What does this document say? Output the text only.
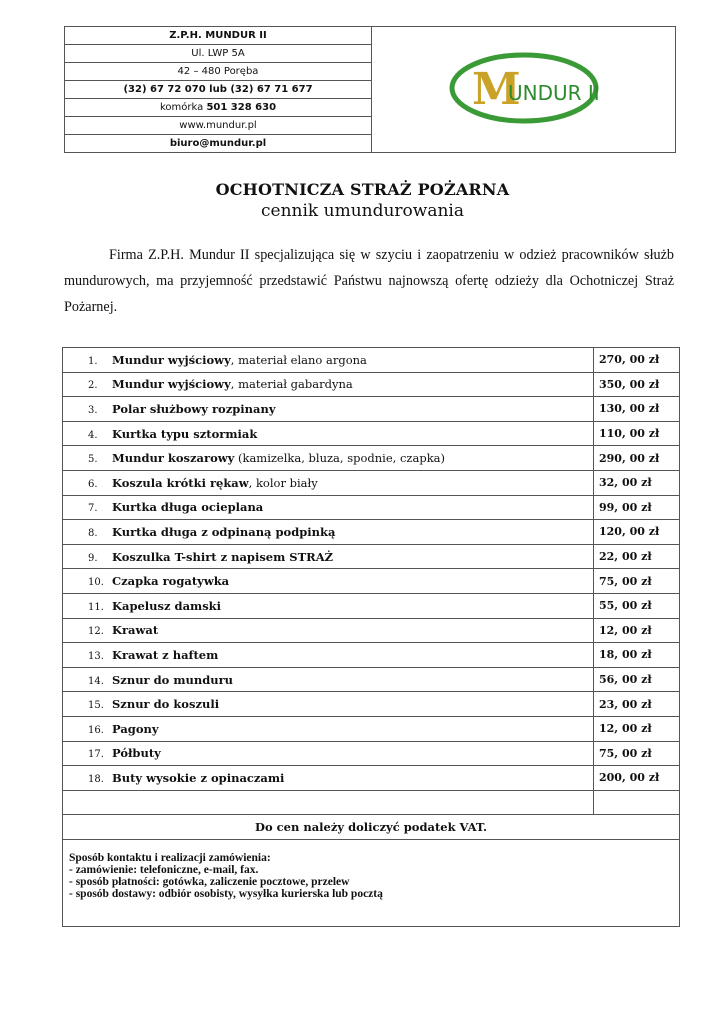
Z.P.H. MUNDUR II	
M
UNDUR II

Ul. LWP 5A
42 – 480 Poręba
(32) 67 72 070 lub (32) 67 71 677
komórka 501 328 630
www.mundur.pl
biuro@mundur.pl
OCHOTNICZA STRAŻ POŻARNA
cennik umundurowania

Firma Z.P.H. Mundur II specjalizująca się w szyciu i zaopatrzeniu w odzież pracowników służb mundurowych, ma przyjemność przedstawić Państwu najnowszą ofertę odzieży dla Ochotniczej Straż Pożarnej.

1. Mundur wyjściowy, materiał elano argona	270, 00 zł
2. Mundur wyjściowy, materiał gabardyna	350, 00 zł
3. Polar służbowy rozpinany	130, 00 zł
4. Kurtka typu sztormiak	110, 00 zł
5. Mundur koszarowy (kamizelka, bluza, spodnie, czapka)	290, 00 zł
6. Koszula krótki rękaw, kolor biały	32, 00 zł
7. Kurtka długa ocieplana	99, 00 zł
8. Kurtka długa z odpinaną podpinką	120, 00 zł
9. Koszulka T-shirt z napisem STRAŻ	22, 00 zł
10. Czapka rogatywka	75, 00 zł
11. Kapelusz damski	55, 00 zł
12. Krawat	12, 00 zł
13. Krawat z haftem	18, 00 zł
14. Sznur do munduru	56, 00 zł
15. Sznur do koszuli	23, 00 zł
16. Pagony	12, 00 zł
17. Półbuty	75, 00 zł
18. Buty wysokie z opinaczami	200, 00 zł

Do cen należy doliczyć podatek VAT.	

Sposób kontaktu i realizacji zamówienia:
- zamówienie: telefoniczne, e-mail, fax.
- sposób płatności: gotówka, zaliczenie pocztowe, przelew
- sposób dostawy: odbiór osobisty, wysyłka kurierska lub pocztą	
